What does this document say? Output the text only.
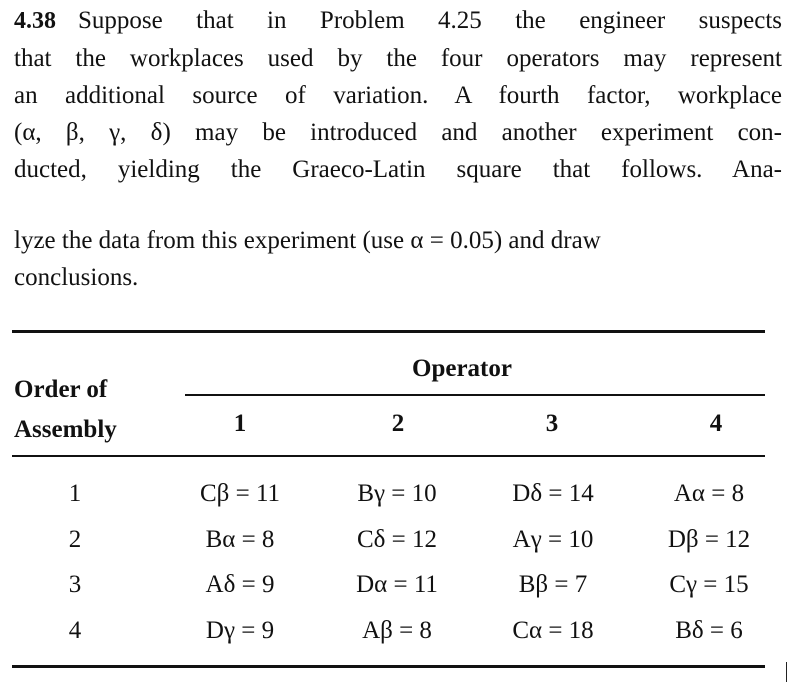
4.38 Suppose that in Problem 4.25 the engineer suspects
that the workplaces used by the four operators may represent
an additional source of variation. A fourth factor, workplace
(α, β, γ, δ) may be introduced and another experiment con-
ducted, yielding the Graeco-Latin square that follows. Ana-
lyze the data from this experiment (use α = 0.05) and draw
conclusions.
Order of
Assembly
Operator
1	2	3	4
1	Cβ = 11	Bγ = 10	Dδ = 14	Aα = 8
2	Bα = 8	Cδ = 12	Aγ = 10	Dβ = 12
3	Aδ = 9	Dα = 11	Bβ = 7	Cγ = 15
4	Dγ = 9	Aβ = 8	Cα = 18	Bδ = 6
